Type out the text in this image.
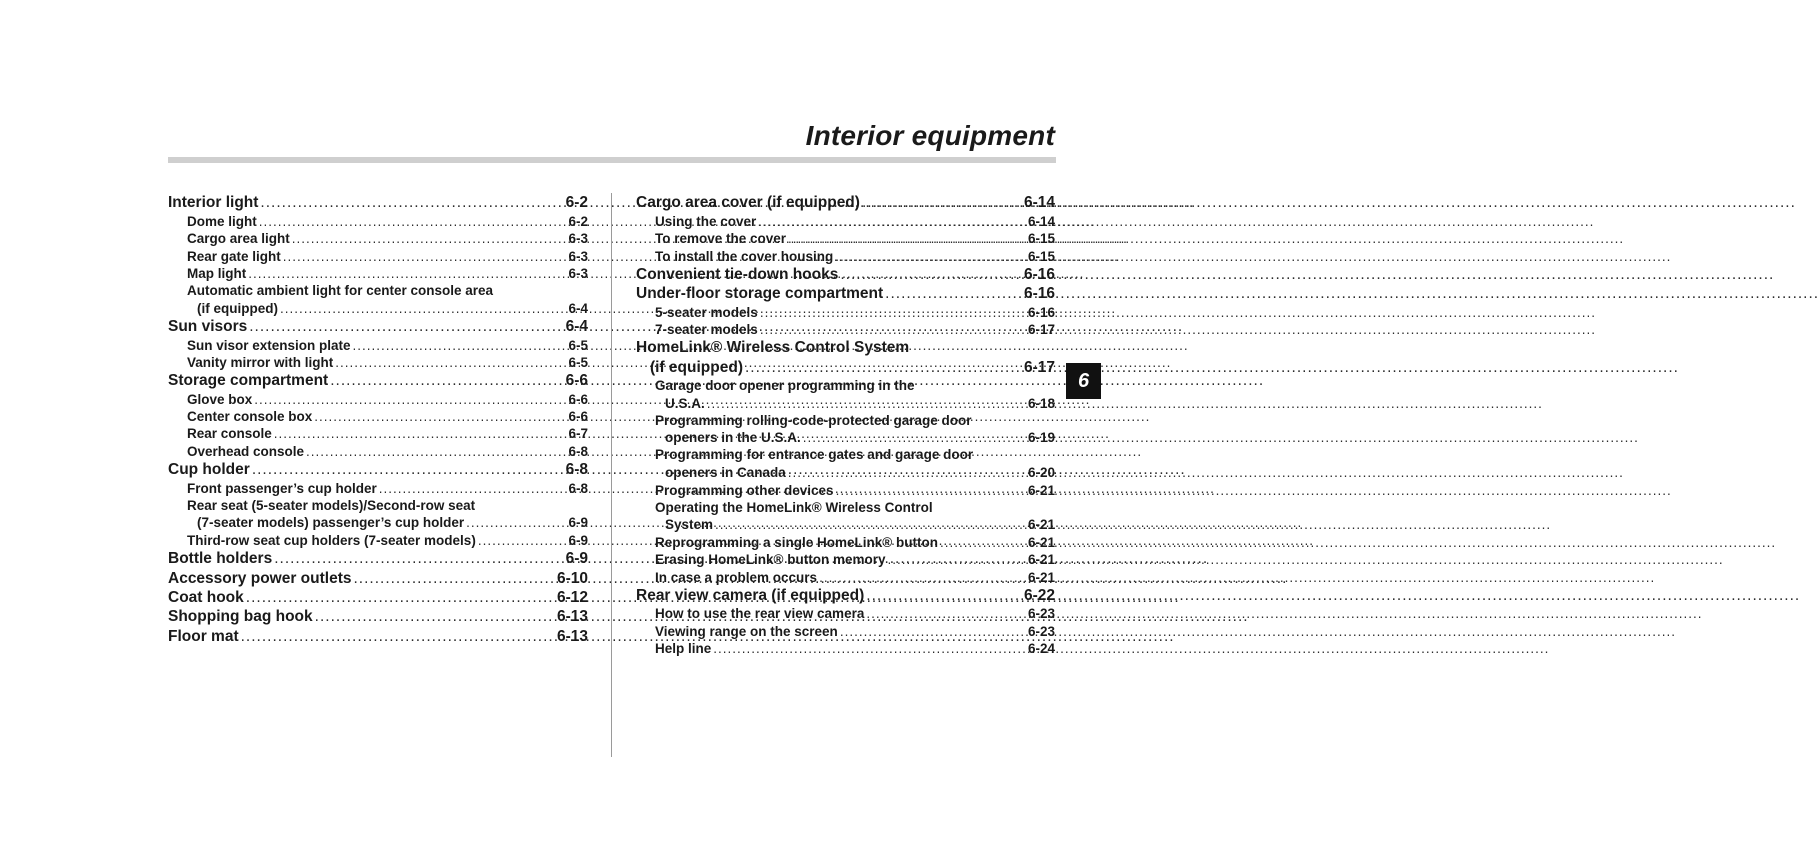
Interior equipment
Interior light .....	6-2
Dome light .....	6-2
Cargo area light .....	6-3
Rear gate light .....	6-3
Map light .....	6-3
Automatic ambient light for center console area
(if equipped) .....	6-4
Sun visors .....	6-4
Sun visor extension plate .....	6-5
Vanity mirror with light .....	6-5
Storage compartment .....	6-6
Glove box .....	6-6
Center console box .....	6-6
Rear console .....	6-7
Overhead console .....	6-8
Cup holder .....	6-8
Front passenger’s cup holder .....	6-8
Rear seat (5-seater models)/Second-row seat
(7-seater models) passenger’s cup holder .....	6-9
Third-row seat cup holders (7-seater models) .....	6-9
Bottle holders .....	6-9
Accessory power outlets .....	6-10
Coat hook .....	6-12
Shopping bag hook .....	6-13
Floor mat .....	6-13
Cargo area cover (if equipped) .....	6-14
Using the cover .....	6-14
To remove the cover .....	6-15
To install the cover housing .....	6-15
Convenient tie-down hooks .....	6-16
Under-floor storage compartment .....	6-16
5-seater models .....	6-16
7-seater models .....	6-17
HomeLink® Wireless Control System
(if equipped) .....	6-17
Garage door opener programming in the
U.S.A. .....	6-18
Programming rolling-code-protected garage door
openers in the U.S.A. .....	6-19
Programming for entrance gates and garage door
openers in Canada .....	6-20
Programming other devices .....	6-21
Operating the HomeLink® Wireless Control
System .....	6-21
Reprogramming a single HomeLink® button .....	6-21
Erasing HomeLink® button memory .....	6-21
In case a problem occurs .....	6-21
Rear view camera (if equipped) .....	6-22
How to use the rear view camera .....	6-23
Viewing range on the screen .....	6-23
Help line .....	6-24
6
